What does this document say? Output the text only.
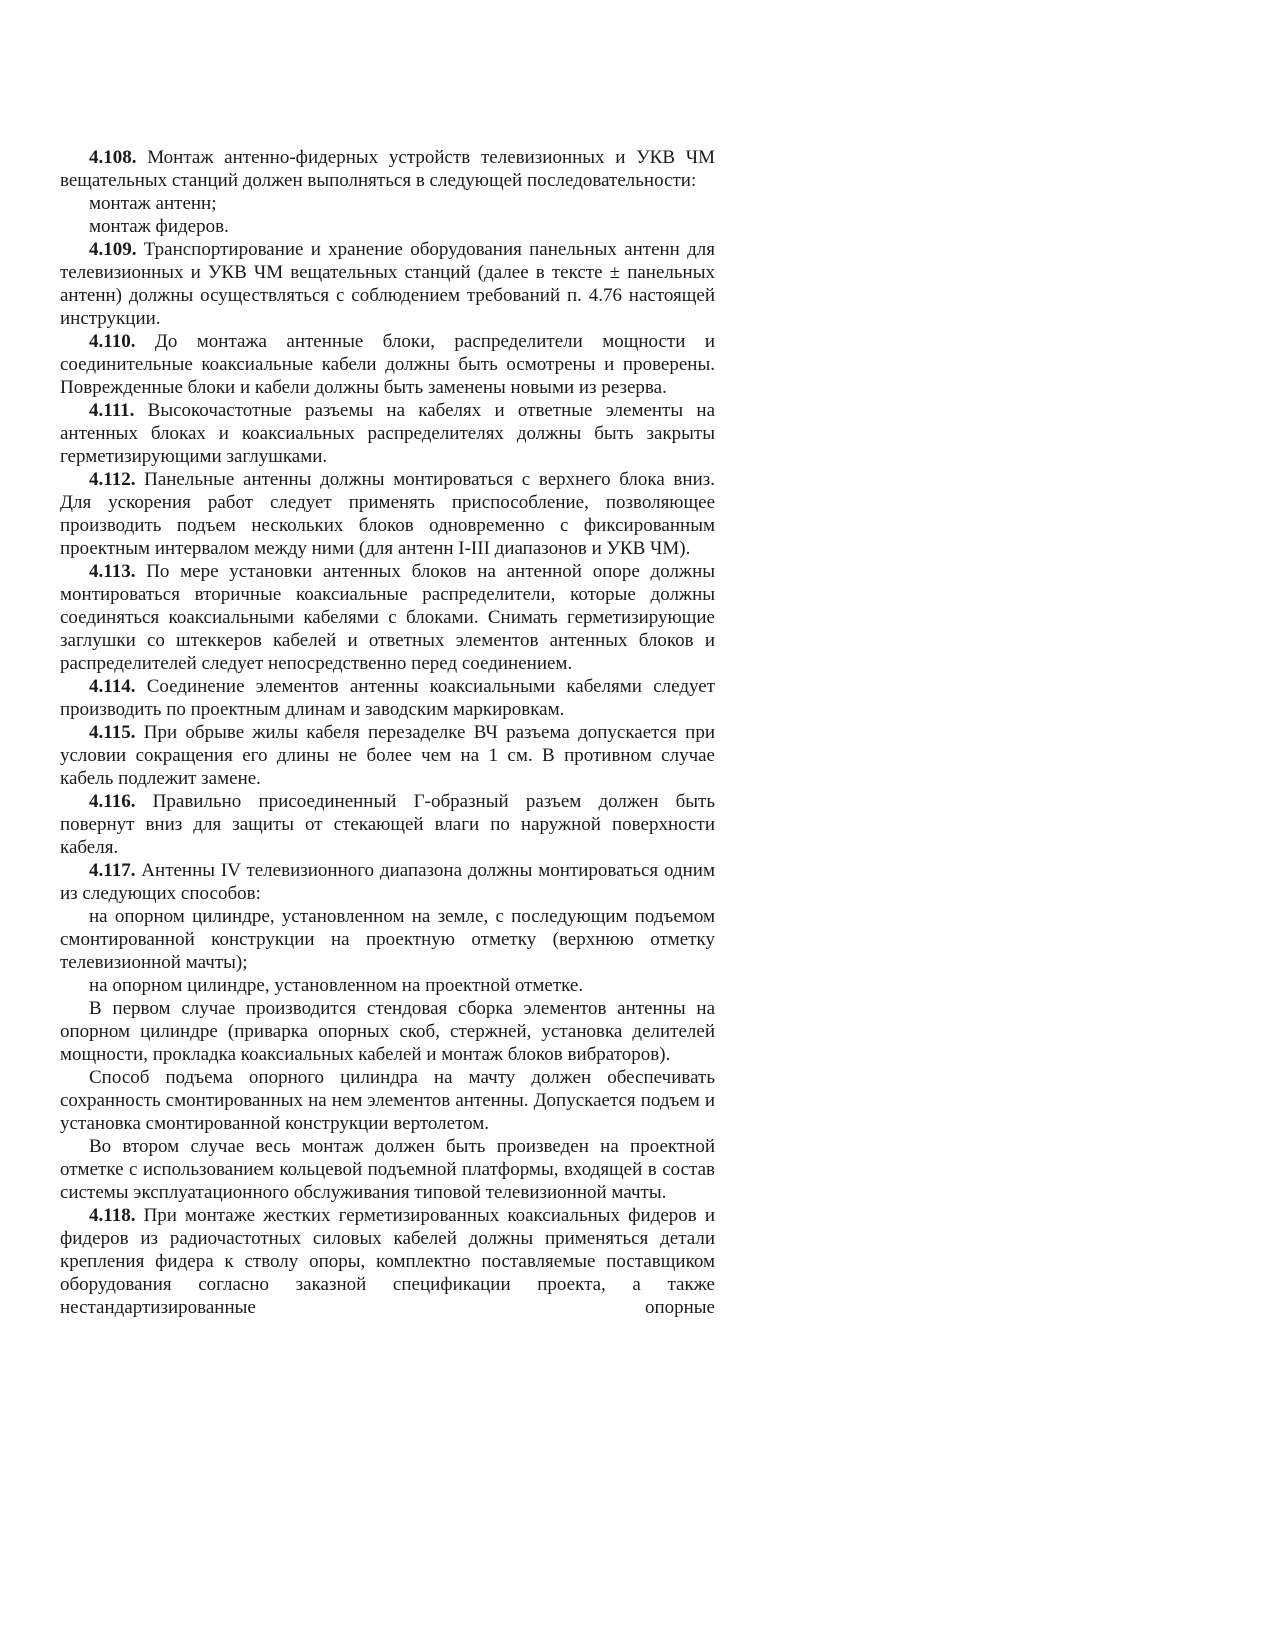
4.108. Монтаж антенно-фидерных устройств телевизионных и УКВ ЧМ вещательных станций должен выполняться в следующей последовательности:

монтаж антенн;

монтаж фидеров.

4.109. Транспортирование и хранение оборудования панельных антенн для телевизионных и УКВ ЧМ вещательных станций (далее в тексте ± панельных антенн) должны осуществляться с соблюдением требований п. 4.76 настоящей инструкции.

4.110. До монтажа антенные блоки, распределители мощности и соединительные коаксиальные кабели должны быть осмотрены и проверены. Поврежденные блоки и кабели должны быть заменены новыми из резерва.

4.111. Высокочастотные разъемы на кабелях и ответные элементы на антенных блоках и коаксиальных распределителях должны быть закрыты герметизирующими заглушками.

4.112. Панельные антенны должны монтироваться с верхнего блока вниз. Для ускорения работ следует применять приспособление, позволяющее производить подъем нескольких блоков одновременно с фиксированным проектным интервалом между ними (для антенн I-III диапазонов и УКВ ЧМ).

4.113. По мере установки антенных блоков на антенной опоре должны монтироваться вторичные коаксиальные распределители, которые должны соединяться коаксиальными кабелями с блоками. Снимать герметизирующие заглушки со штеккеров кабелей и ответных элементов антенных блоков и распределителей следует непосредственно перед соединением.

4.114. Соединение элементов антенны коаксиальными кабелями следует производить по проектным длинам и заводским маркировкам.

4.115. При обрыве жилы кабеля перезаделке ВЧ разъема допускается при условии сокращения его длины не более чем на 1 см. В противном случае кабель подлежит замене.

4.116. Правильно присоединенный Г-образный разъем должен быть повернут вниз для защиты от стекающей влаги по наружной поверхности кабеля.

4.117. Антенны IV телевизионного диапазона должны монтироваться одним из следующих способов:

на опорном цилиндре, установленном на земле, с последующим подъемом смонтированной конструкции на проектную отметку (верхнюю отметку телевизионной мачты);

на опорном цилиндре, установленном на проектной отметке.

В первом случае производится стендовая сборка элементов антенны на опорном цилиндре (приварка опорных скоб, стержней, установка делителей мощности, прокладка коаксиальных кабелей и монтаж блоков вибраторов).

Способ подъема опорного цилиндра на мачту должен обеспечивать сохранность смонтированных на нем элементов антенны. Допускается подъем и установка смонтированной конструкции вертолетом.

Во втором случае весь монтаж должен быть произведен на проектной отметке с использованием кольцевой подъемной платформы, входящей в состав системы эксплуатационного обслуживания типовой телевизионной мачты.

4.118. При монтаже жестких герметизированных коаксиальных фидеров и фидеров из радиочастотных силовых кабелей должны применяться детали крепления фидера к стволу опоры, комплектно поставляемые поставщиком оборудования согласно заказной спецификации проекта, а также нестандартизированные опорные
